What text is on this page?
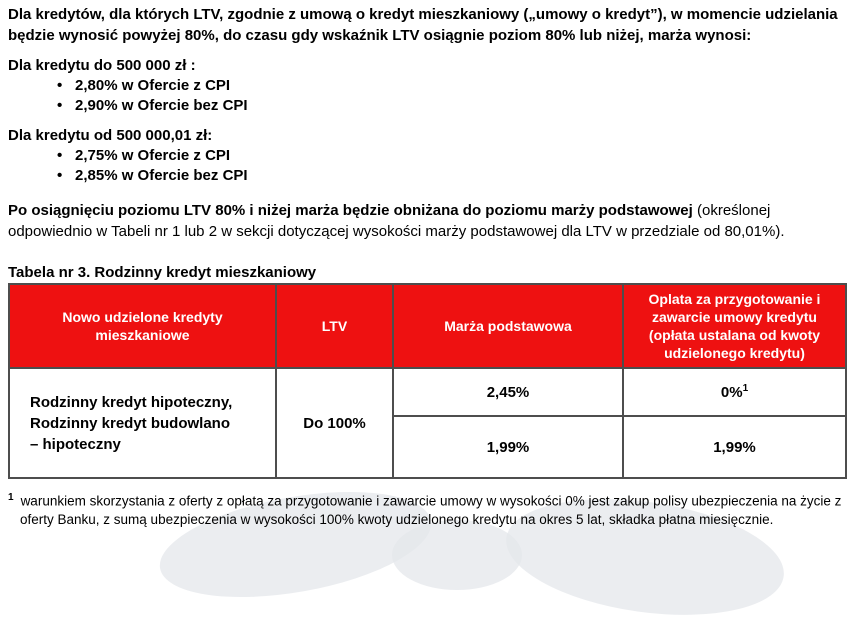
Dla kredytów, dla których LTV, zgodnie z umową o kredyt mieszkaniowy („umowy o kredyt”), w momencie udzielania będzie wynosić powyżej 80%, do czasu gdy wskaźnik LTV osiągnie poziom 80% lub niżej, marża wynosi:

Dla kredytu do 500 000 zł :

• 2,80% w Ofercie z CPI
• 2,90% w Ofercie bez CPI

Dla kredytu od 500 000,01 zł:

• 2,75% w Ofercie z CPI
• 2,85% w Ofercie bez CPI

Po osiągnięciu poziomu LTV 80% i niżej marża będzie obniżana do poziomu marży podstawowej (określonej odpowiednio w Tabeli nr 1 lub 2 w sekcji dotyczącej wysokości marży podstawowej dla LTV w przedziale od 80,01%).

Tabela nr 3. Rodzinny kredyt mieszkaniowy

Nowo udzielone kredyty mieszkaniowe	LTV	Marża podstawowa	Oplata za przygotowanie i zawarcie umowy kredytu (opłata ustalana od kwoty udzielonego kredytu)
Rodzinny kredyt hipoteczny, Rodzinny kredyt budowlano – hipoteczny	Do 100%	2,45%	0%$^1$
		1,99%	1,99%

$^1$ warunkiem skorzystania z oferty z opłatą za przygotowanie i zawarcie umowy w wysokości 0% jest zakup polisy ubezpieczenia na życie z oferty Banku, z sumą ubezpieczenia w wysokości 100% kwoty udzielonego kredytu na okres 5 lat, składka płatna miesięcznie.
